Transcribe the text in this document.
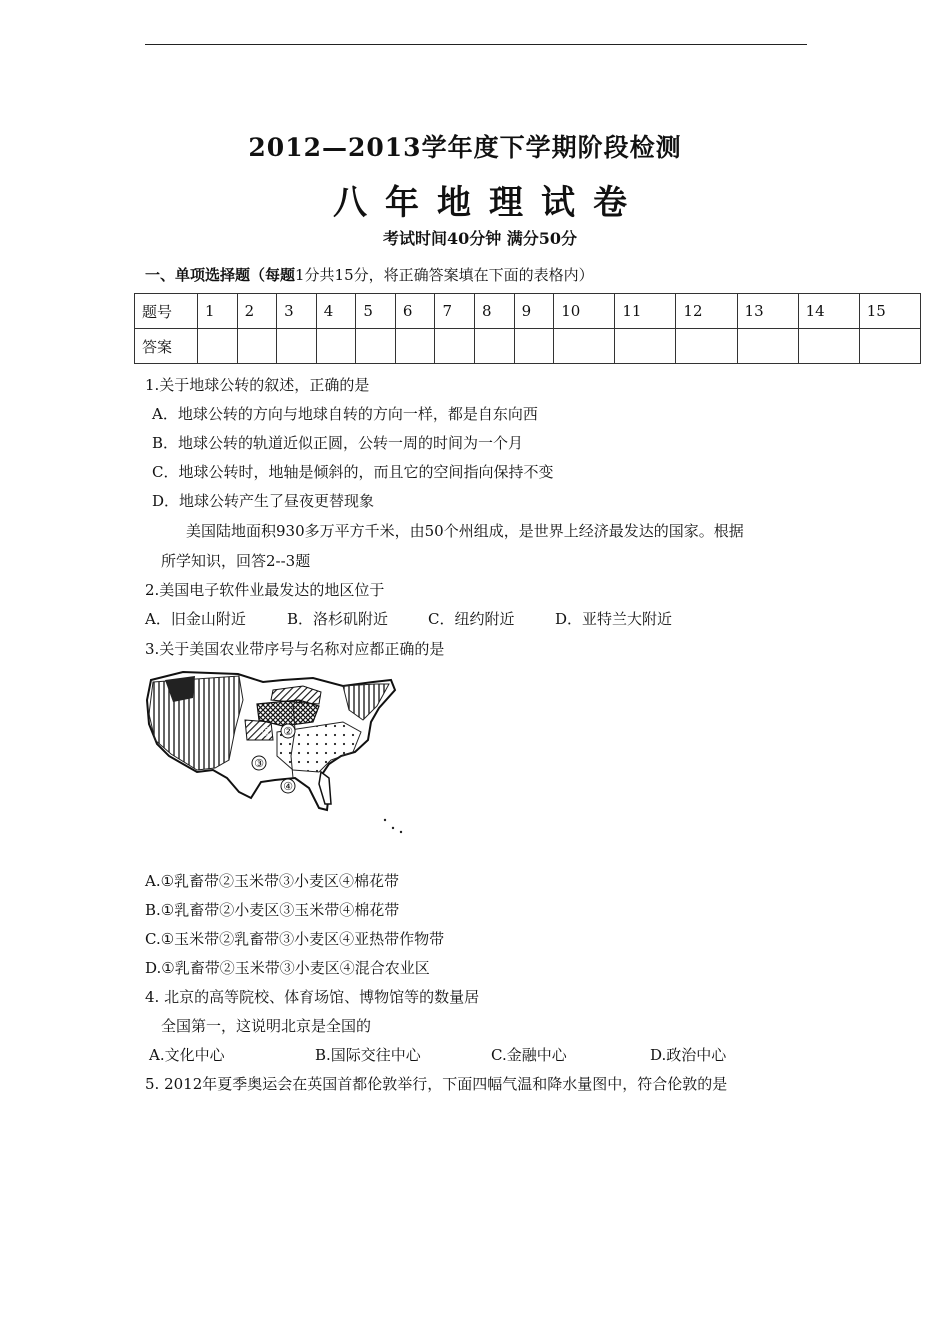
2012—2013学年度下学期阶段检测
八年地理试卷
考试时间40分钟 满分50分
一、单项选择题（每题1分共15分，将正确答案填在下面的表格内）
题号	1	2	3	4	5	6	7	8	9	10	11	12	13	14	15
答案															
1.关于地球公转的叙述，正确的是
A．地球公转的方向与地球自转的方向一样，都是自东向西
B．地球公转的轨道近似正圆，公转一周的时间为一个月
C．地球公转时，地轴是倾斜的，而且它的空间指向保持不变
D．地球公转产生了昼夜更替现象
美国陆地面积930多万平方千米，由50个州组成，是世界上经济最发达的国家。根据
所学知识，回答2--3题
2.美国电子软件业最发达的地区位于
A．旧金山附近	B．洛杉矶附近	C．纽约附近	D．亚特兰大附近
3.关于美国农业带序号与名称对应都正确的是
① ②
③
④
A.①乳畜带②玉米带③小麦区④棉花带
B.①乳畜带②小麦区③玉米带④棉花带
C.①玉米带②乳畜带③小麦区④亚热带作物带
D.①乳畜带②玉米带③小麦区④混合农业区
4. 北京的高等院校、体育场馆、博物馆等的数量居
全国第一，这说明北京是全国的
A.文化中心	B.国际交往中心	C.金融中心	D.政治中心
5. 2012年夏季奥运会在英国首都伦敦举行，下面四幅气温和降水量图中，符合伦敦的是
